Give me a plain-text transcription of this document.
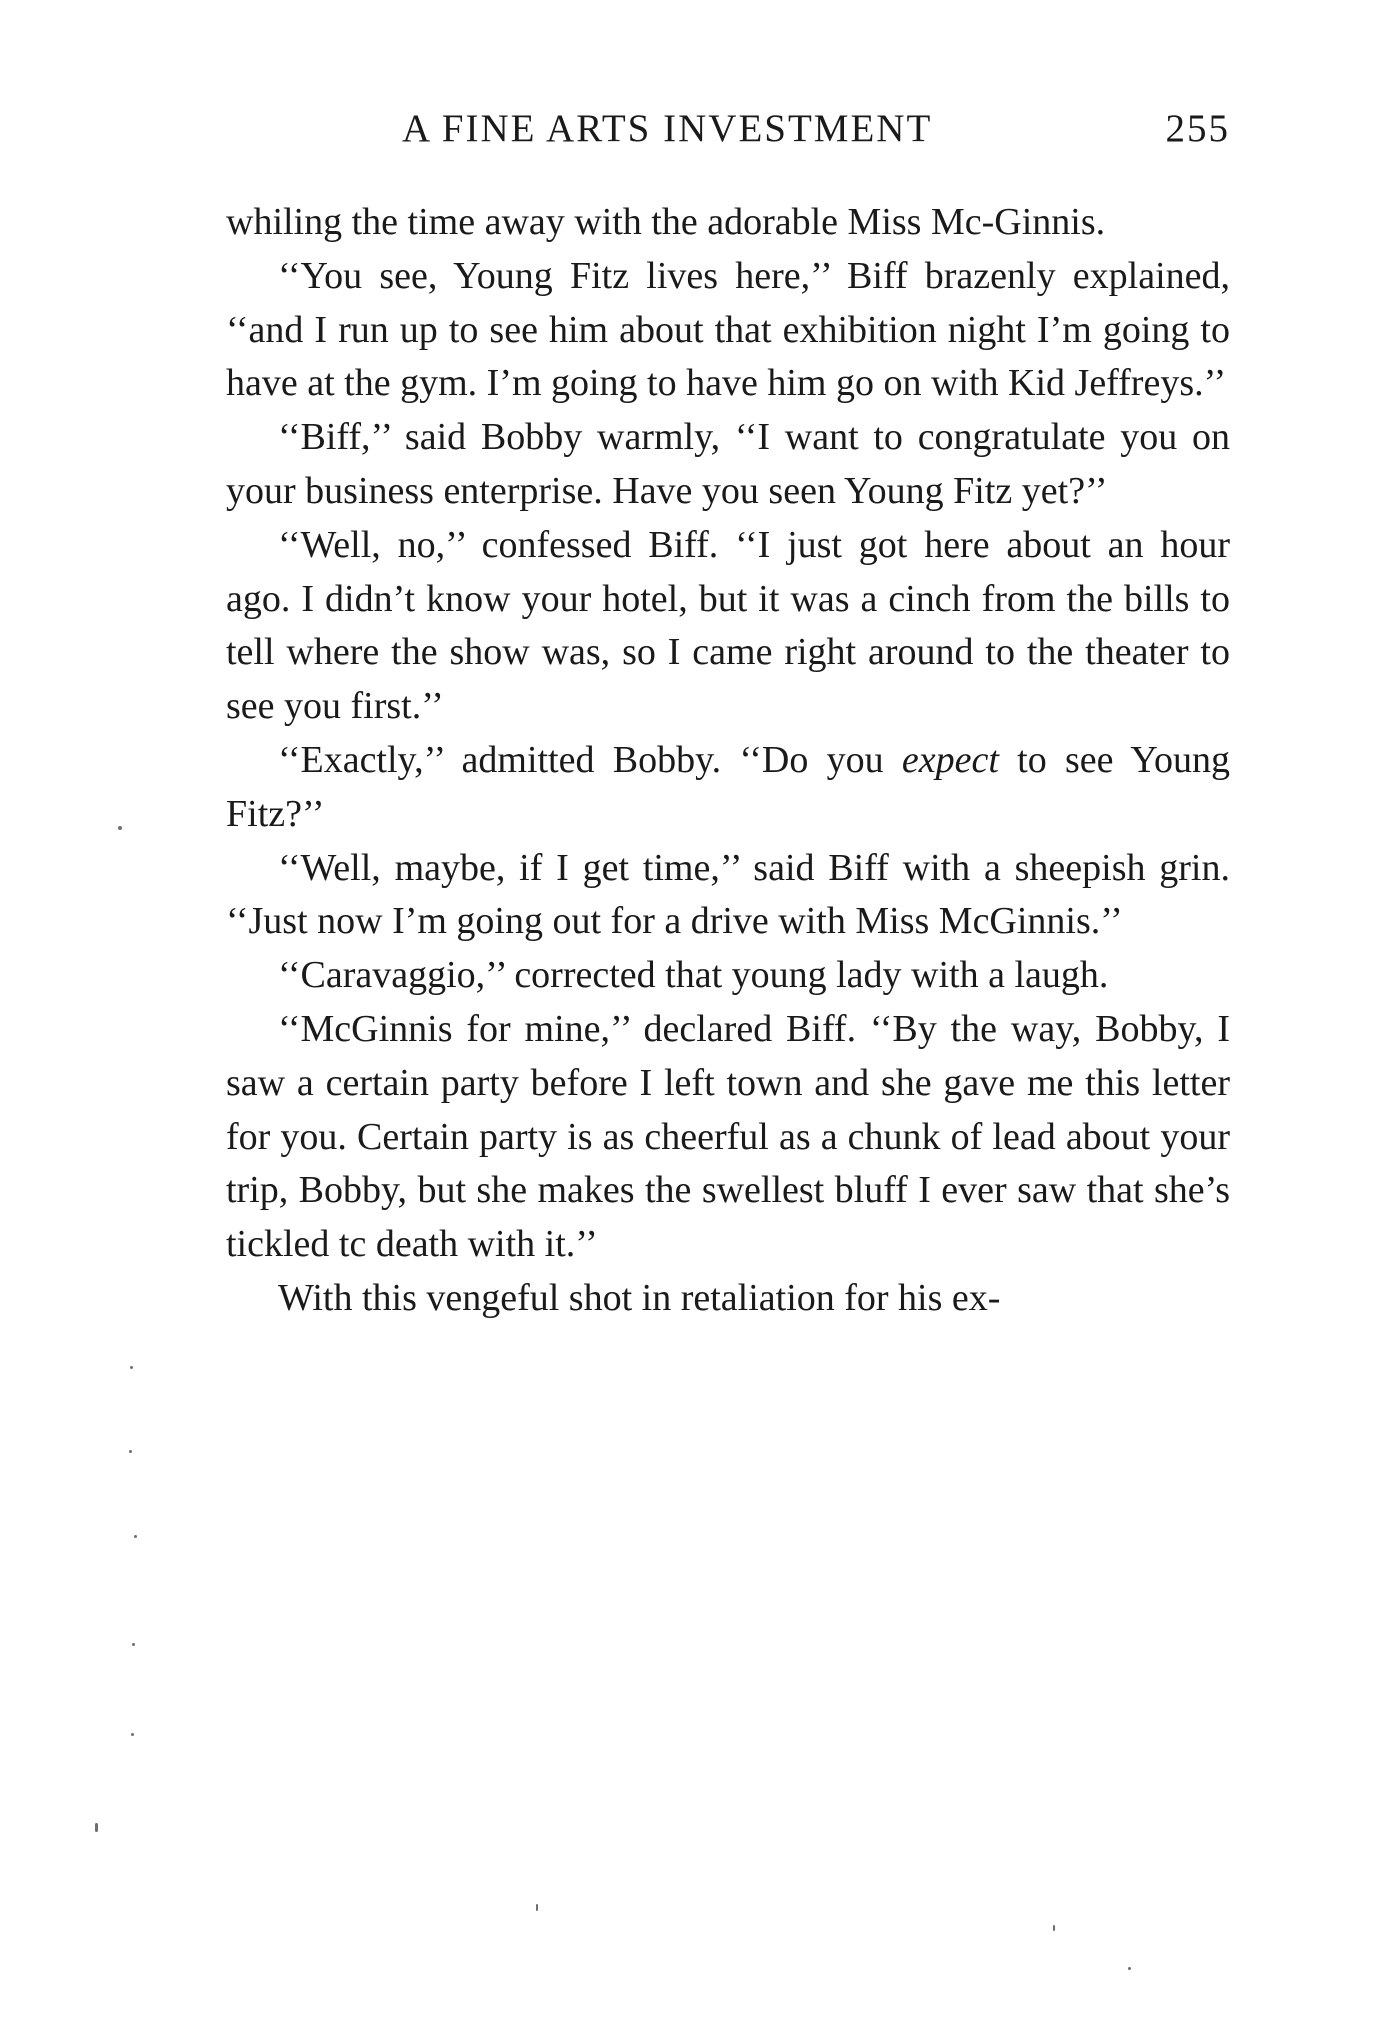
A FINE ARTS INVESTMENT	255

whiling the time away with the adorable Miss Mc-Ginnis.

‘‘You see, Young Fitz lives here,’’ Biff brazenly explained, ‘‘and I run up to see him about that exhibition night I’m going to have at the gym. I’m going to have him go on with Kid Jeffreys.’’

‘‘Biff,’’ said Bobby warmly, ‘‘I want to congratulate you on your business enterprise. Have you seen Young Fitz yet?’’

‘‘Well, no,’’ confessed Biff. ‘‘I just got here about an hour ago. I didn’t know your hotel, but it was a cinch from the bills to tell where the show was, so I came right around to the theater to see you first.’’

‘‘Exactly,’’ admitted Bobby. ‘‘Do you expect to see Young Fitz?’’

‘‘Well, maybe, if I get time,’’ said Biff with a sheepish grin. ‘‘Just now I’m going out for a drive with Miss McGinnis.’’

‘‘Caravaggio,’’ corrected that young lady with a laugh.

‘‘McGinnis for mine,’’ declared Biff. ‘‘By the way, Bobby, I saw a certain party before I left town and she gave me this letter for you. Certain party is as cheerful as a chunk of lead about your trip, Bobby, but she makes the swellest bluff I ever saw that she’s tickled tc death with it.’’

With this vengeful shot in retaliation for his ex-
